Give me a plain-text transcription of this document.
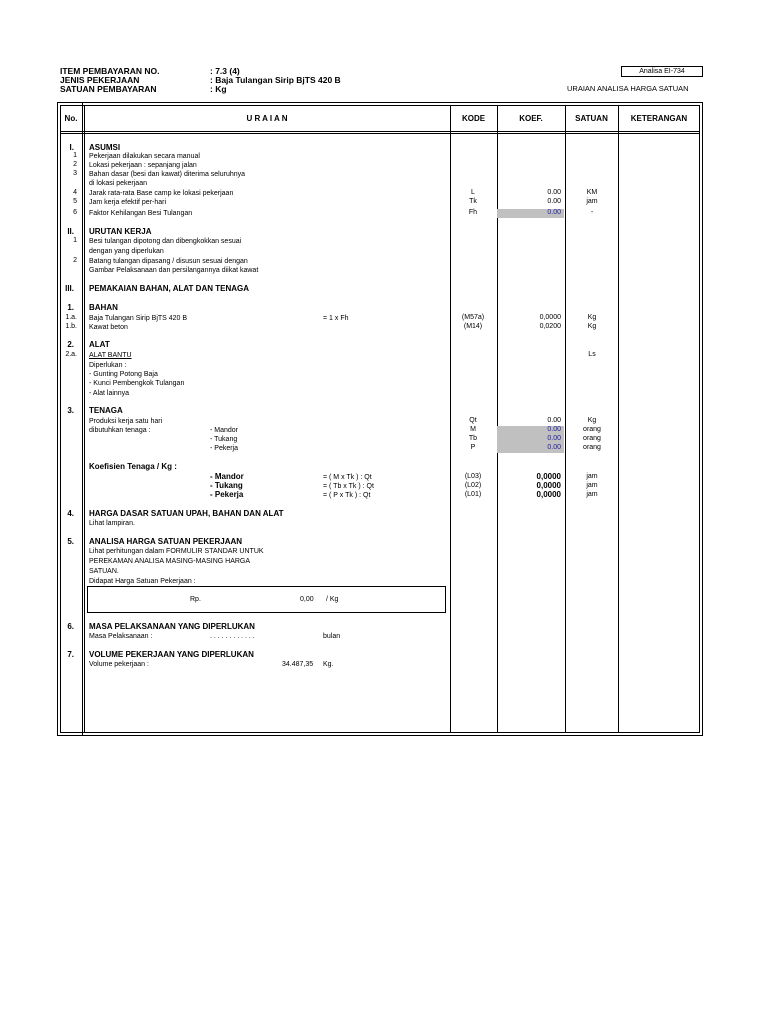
ITEM PEMBAYARAN NO.	: 7.3 (4)
JENIS PEKERJAAN	: Baja Tulangan Sirip BjTS 420 B
SATUAN PEMBAYARAN	: Kg
Analisa EI-734
URAIAN ANALISA HARGA SATUAN
No.	U R A I A N	KODE	KOEF.	SATUAN	KETERANGAN
I. ASUMSI
1 Pekerjaan dilakukan secara manual
2 Lokasi pekerjaan : sepanjang jalan
3 Bahan dasar (besi dan kawat) diterima seluruhnya
di lokasi pekerjaan
4 Jarak rata-rata Base camp ke lokasi pekerjaan	L	0.00	KM
5 Jam kerja efektif per-hari	Tk	0.00	jam
6 Faktor Kehilangan Besi Tulangan	Fh	0.00	-
II. URUTAN KERJA
1 Besi tulangan dipotong dan dibengkokkan sesuai
dengan yang diperlukan
2 Batang tulangan dipasang / disusun sesuai dengan
Gambar Pelaksanaan dan persilangannya diikat kawat
III. PEMAKAIAN BAHAN, ALAT DAN TENAGA
1. BAHAN
1.a. Baja Tulangan Sirip BjTS 420 B	= 1 x Fh	(M57a)	0,0000	Kg
1.b. Kawat beton	(M14)	0,0200	Kg
2. ALAT
2.a. ALAT BANTU	Ls
Diperlukan :
- Gunting Potong Baja
- Kunci Pembengkok Tulangan
- Alat lainnya
3. TENAGA
Produksi kerja satu hari	Qt	0.00	Kg
dibutuhkan tenaga :	- Mandor	M	0.00	orang
- Tukang	Tb	0.00	orang
- Pekerja	P	0.00	orang
Koefisien Tenaga / Kg :
- Mandor	= ( M x Tk ) : Qt	(L03)	0,0000	jam
- Tukang	= ( Tb x Tk ) : Qt	(L02)	0,0000	jam
- Pekerja	= ( P x Tk ) : Qt	(L01)	0,0000	jam
4. HARGA DASAR SATUAN UPAH, BAHAN DAN ALAT
Lihat lampiran.
5. ANALISA HARGA SATUAN PEKERJAAN
Lihat perhitungan dalam FORMULIR STANDAR UNTUK
PEREKAMAN ANALISA MASING-MASING HARGA
SATUAN.
Didapat Harga Satuan Pekerjaan :
Rp.	0,00 / Kg
6. MASA PELAKSANAAN YANG DIPERLUKAN
Masa Pelaksanaan :	. . . . . . . . . . . .	bulan
7. VOLUME PEKERJAAN YANG DIPERLUKAN
Volume pekerjaan :	34.487,35 Kg.
